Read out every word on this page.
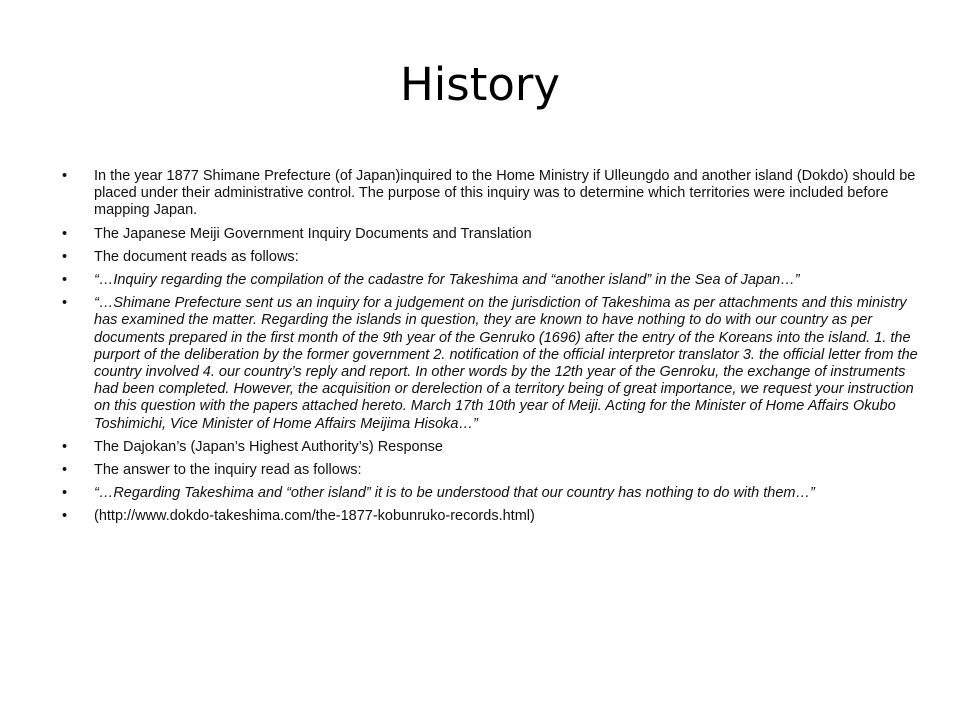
History
• In the year 1877 Shimane Prefecture (of Japan)inquired to the Home Ministry if Ulleungdo and another island (Dokdo) should be placed under their administrative control. The purpose of this inquiry was to determine which territories were included before mapping Japan.
• The Japanese Meiji Government Inquiry Documents and Translation
• The document reads as follows:
• “…Inquiry regarding the compilation of the cadastre for Takeshima and “another island” in the Sea of Japan…”
• “…Shimane Prefecture sent us an inquiry for a judgement on the jurisdiction of Takeshima as per attachments and this ministry has examined the matter. Regarding the islands in question, they are known to have nothing to do with our country as per documents prepared in the first month of the 9th year of the Genruko (1696) after the entry of the Koreans into the island. 1. the purport of the deliberation by the former government 2. notification of the official interpretor translator 3. the official letter from the country involved 4. our country’s reply and report. In other words by the 12th year of the Genroku, the exchange of instruments had been completed. However, the acquisition or derelection of a territory being of great importance, we request your instruction on this question with the papers attached hereto. March 17th 10th year of Meiji. Acting for the Minister of Home Affairs Okubo Toshimichi, Vice Minister of Home Affairs Meijima Hisoka…”
• The Dajokan’s (Japan’s Highest Authority’s) Response
• The answer to the inquiry read as follows:
• “…Regarding Takeshima and “other island” it is to be understood that our country has nothing to do with them…”
• (http://www.dokdo-takeshima.com/the-1877-kobunruko-records.html)
